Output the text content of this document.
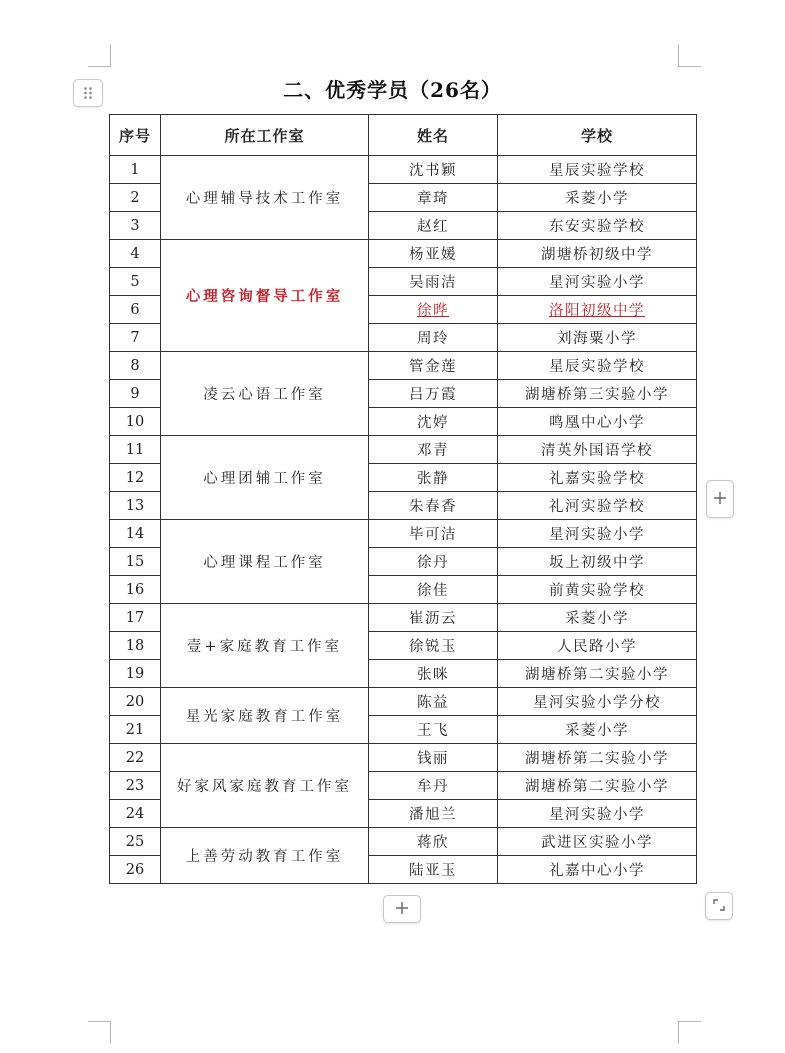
二、优秀学员（26名）
序号	所在工作室	姓名	学校
1	心理辅导技术工作室	沈书颖	星辰实验学校
2		章琦	采菱小学
3		赵红	东安实验学校
4	心理咨询督导工作室	杨亚媛	湖塘桥初级中学
5		吴雨洁	星河实验小学
6		徐晔	洛阳初级中学
7		周玲	刘海粟小学
8	凌云心语工作室	管金莲	星辰实验学校
9		吕万霞	湖塘桥第三实验小学
10		沈婷	鸣凰中心小学
11	心理团辅工作室	邓青	清英外国语学校
12		张静	礼嘉实验学校
13		朱春香	礼河实验学校
14	心理课程工作室	毕可洁	星河实验小学
15		徐丹	坂上初级中学
16		徐佳	前黄实验学校
17	壹+家庭教育工作室	崔沥云	采菱小学
18		徐锐玉	人民路小学
19		张咪	湖塘桥第二实验小学
20	星光家庭教育工作室	陈益	星河实验小学分校
21		王飞	采菱小学
22	好家风家庭教育工作室	钱丽	湖塘桥第二实验小学
23		牟丹	湖塘桥第二实验小学
24		潘旭兰	星河实验小学
25	上善劳动教育工作室	蒋欣	武进区实验小学
26		陆亚玉	礼嘉中心小学
